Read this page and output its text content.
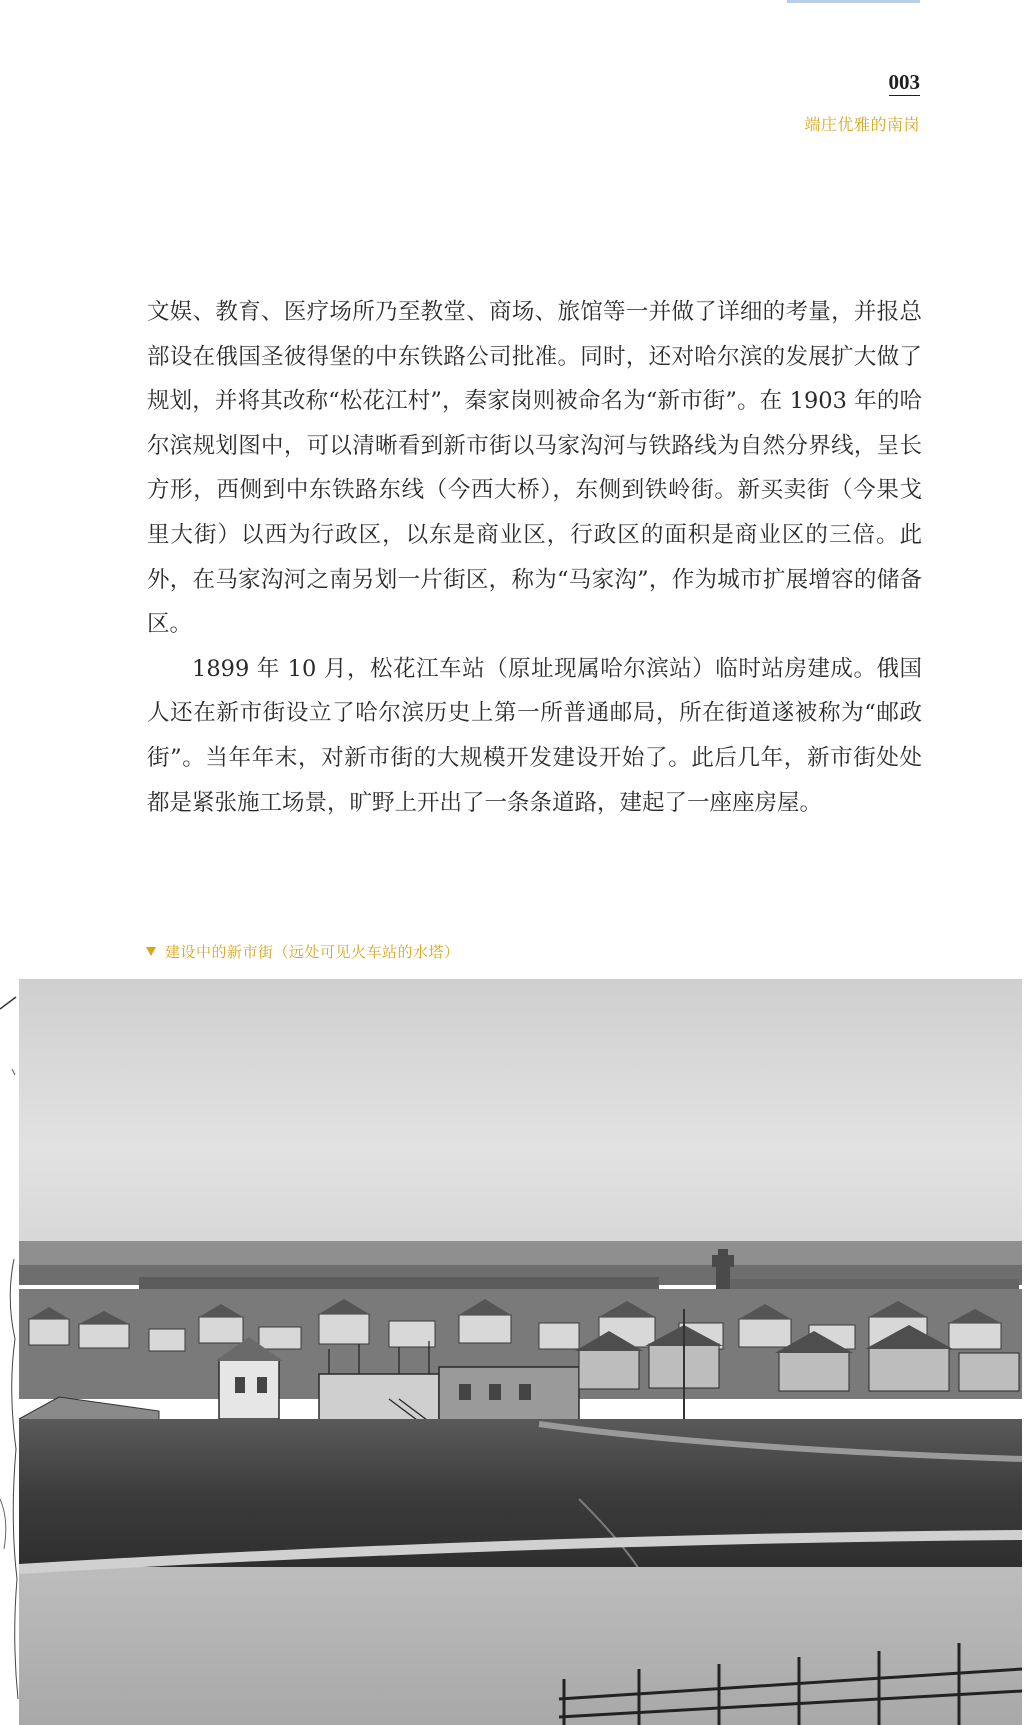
003
端庄优雅的南岗

文娱、教育、医疗场所乃至教堂、商场、旅馆等一并做了详细的考量，并报总部设在俄国圣彼得堡的中东铁路公司批准。同时，还对哈尔滨的发展扩大做了规划，并将其改称“松花江村”，秦家岗则被命名为“新市街”。在 1903 年的哈尔滨规划图中，可以清晰看到新市街以马家沟河与铁路线为自然分界线，呈长方形，西侧到中东铁路东线（今西大桥），东侧到铁岭街。新买卖街（今果戈里大街）以西为行政区，以东是商业区，行政区的面积是商业区的三倍。此外，在马家沟河之南另划一片街区，称为“马家沟”，作为城市扩展增容的储备区。

1899 年 10 月，松花江车站（原址现属哈尔滨站）临时站房建成。俄国人还在新市街设立了哈尔滨历史上第一所普通邮局，所在街道遂被称为“邮政街”。当年年末，对新市街的大规模开发建设开始了。此后几年，新市街处处都是紧张施工场景，旷野上开出了一条条道路，建起了一座座房屋。

建设中的新市街（远处可见火车站的水塔）
